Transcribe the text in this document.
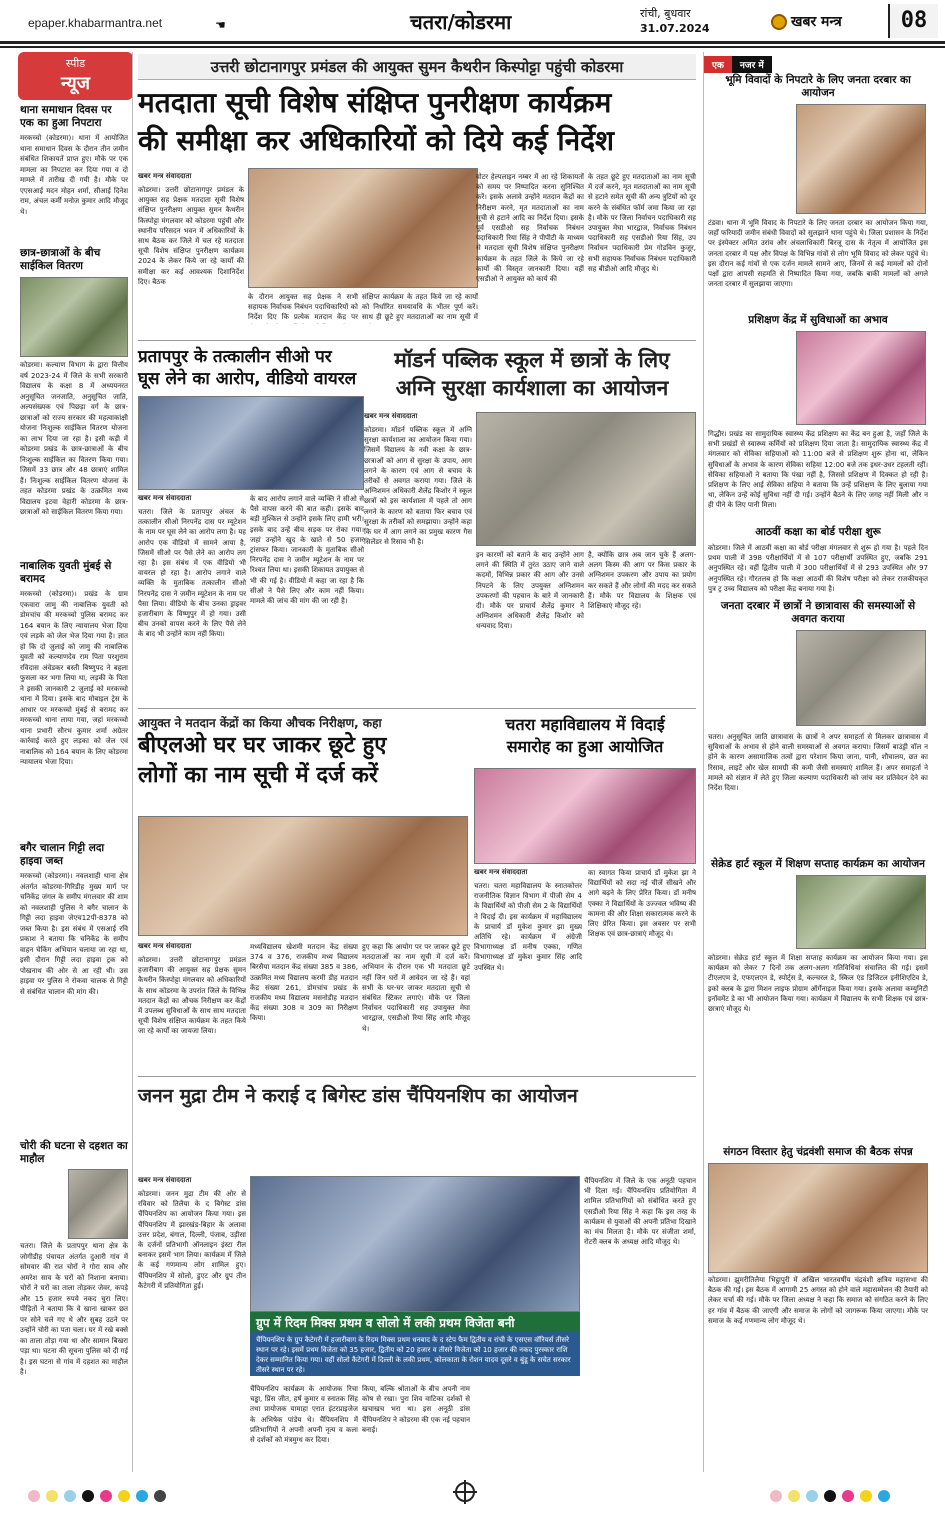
epaper.khabarmantra.net	☚	चतरा/कोडरमा	रांची, बुधवार
31.07.2024	खबर मन्त्र	08
स्पीड
न्यूज
थाना समाधान दिवस पर एक का हुआ निपटारा
मरकच्चो (कोडरमा)। थाना में आयोजित थाना समाधान दिवस के दौरान तीन जमीन संबंधित शिकायतें प्राप्त हुए। मौके पर एक मामला का निपटारा कर दिया गया व दो मामले में तारीख दी गयी है। मौके पर एएसआई मदन मोहन शर्मा, सीआई दिनेश राम, अंचल कर्मी मनोज कुमार आदि मौजूद थे।
छात्र-छात्राओं के बीच साईकिल वितरण
कोडरमा। कल्याण विभाग के द्वारा वित्तीय वर्ष 2023-24 में जिले के सभी सरकारी विद्यालय के कक्षा 8 में अध्ययनरत अनुसूचित जनजाति, अनुसूचित जाति, अल्पसंख्यक एवं पिछड़ा वर्ग के छात्र-छात्राओं को राज्य सरकार की महत्वाकांक्षी योजना निःशुल्क साईकिल वितरण योजना का लाभ दिया जा रहा है। इसी कड़ी में कोडरमा प्रखंड के छात्र-छात्राओं के बीच निःशुल्क साईकिल का वितरण किया गया। जिसमें 33 छात्र और 48 छात्राएं शामिल हैं। निःशुल्क साईकिल वितरण योजना के तहत कोडरमा प्रखंड के उत्क्रमित मध्य विद्यालय इटवा वेहारी कोडरमा के छात्र-छात्राओं को साईकिल वितरण किया गया।
नाबालिक युवती मुंबई से बरामद
मरकच्चो (कोडरमा)। प्रखंड के ग्राम एकवारा जामु की नाबालिक युवती को डोमचांच की मरकच्चो पुलिस बरामद कर 164 बयान के लिए न्यायालय भेजा दिया एवं लड़के को जेल भेज दिया गया है। ज्ञात हो कि दो जुलाई को जामु की नाबालिक युवती को कल्याणदेव राम पिता परशुराम रविदास अंवेडकर बस्ती बिष्णुपद ने बहला फुसला कर भगा लिया था, लड़की के पिता ने इसकी जानकारी 2 जुलाई को मरकच्चो थाना में दिया। इसके बाद मोबाइल ट्रेस के आधार पर मरकच्चो मुंबई से बरामद कर मरकच्चो थाना लाया गया, जहां मरकच्चो थाना प्रभारी सौरभ कुमार शर्मा अग्रेतर कार्रवाई करते हुए लड़का को जेल एवं नाबालिक को 164 बयान के लिए कोडरमा न्यायालय भेजा दिया।
बगैर चालान गिट्टी लदा हाइवा जब्त
मरकच्चो (कोडरमा)। नवलशाही थाना क्षेत्र अंतर्गत कोडरमा-गिरिडीह मुख्य मार्ग पर चनिकेंद्र जंगल के समीप मंगलवार की शाम को नवलशाही पुलिस ने बगैर चालान के गिट्टी लदा हाइवा जेएच12पी-8378 को जब्त किया है। इस संबंध में एसआई रवि प्रकाश ने बताया कि चनिकेंद्र के समीप वाहन चेकिंग अभियान चलाया जा रहा था, इसी दौरान गिट्टी लदा हाइवा ट्रक को पोखनाथ की ओर से आ रही थी। उस हाइवा पर पुलिस ने रोकवा चालक से गिट्टी से संबंधित चालान की मांग की।
चोरी की घटना से दहशत का माहौल
चतरा। जिले के प्रतापपुर थाना क्षेत्र के जोगीडीह पंचायत अंतर्गत दुआरी गांव में सोमवार की रात चोरों ने गोरा साव और अमरेश साव के घरों को निशाना बनाया। चोरों ने घरों का ताला तोड़कर जेवर, कपड़े और 15 हजार रुपये नकद चुरा लिए। पीड़ितों ने बताया कि वे खाना खाकर छत पर सोने चले गए थे और सुबह उठने पर उन्होंने चोरी का पता चला। घर में रखे बक्से का ताला तोड़ा गया था और सामान बिखरा पड़ा था। घटना की सूचना पुलिस को दी गई है। इस घटना से गांव में दहशत का माहौल है।
उत्तरी छोटानागपुर प्रमंडल की आयुक्त सुमन कैथरीन किस्पोट्टा पहुंची कोडरमा
मतदाता सूची विशेष संक्षिप्त पुनरीक्षण कार्यक्रम
की समीक्षा कर अधिकारियों को दिये कई निर्देश
खबर मन्त्र संवाददाता
कोडरमा। उत्तरी छोटानागपुर प्रमंडल के आयुक्त सह प्रेक्षक मतदाता सूची विशेष संक्षिप्त पुनरीक्षण आयुक्त सुमन कैथरीन किस्पोट्टा मंगलवार को कोडरमा पहुंची और स्थानीय परिसदन भवन में अधिकारियों के साथ बैठक कर जिले में चल रहे मतदाता सूची विशेष संक्षिप्त पुनरीक्षण कार्यक्रम 2024 के लेकर किये जा रहे कार्यों की समीक्षा कर कई आवश्यक दिशानिर्देश दिए। बैठक
के दौरान आयुक्त सह प्रेक्षक ने सभी सहायक निर्वाचक निबंधन पदाधिकारियों को निर्देश दिए कि प्रत्येक मतदान केंद्र पर
संक्षिप्त कार्यक्रम के तहत किये जा रहे कार्यों को निर्धारित समयावधि के भीतर पूर्ण करें। साथ ही छूटे हुए मतदाताओं का नाम सूची में
वोटर हेल्पलाइन नम्बर में आ रहे शिकायतों को समय पर निष्पादित करना सुनिश्चित करें। इसके अलावे उन्होंने मतदान केंद्रों का निरीक्षण करने, मृत मतदाताओं का नाम सूची से हटाने आदि का निर्देश दिया। इसके पूर्व एसडीओ सह निर्वाचक निबंधन पदाधिकारी रिया सिंह ने पीपीटी के माध्यम से मतदाता सूची विशेष संक्षिप्त पुनरीक्षण कार्यक्रम के तहत जिले के किये जा रहे कार्यों की विस्तृत जानकारी दिया। वहीं एसडीओ ने आयुक्त को कार्य की
के तहत छूटे हुए मतदाताओं का नाम सूची में दर्ज करने, मृत मतदाताओं का नाम सूची से हटाने समेत सूची की अन्य त्रुटियों को दूर करने के संबंधित फॉर्म जमा किया जा रहा है। मौके पर जिला निर्वाचन पदाधिकारी सह उपायुक्त मेघा भारद्वाज, निर्वाचक निबंधन पदाधिकारी सह एसडीओ रिया सिंह, उप निर्वाचन पदाधिकारी प्रेम गोडविन कुजूर, सभी सहायक निर्वाचक निबंधन पदाधिकारी सह बीडीओ आदि मौजूद थे।
प्रतापपुर के तत्कालीन सीओ पर
घूस लेने का आरोप, वीडियो वायरल
खबर मन्त्र संवाददाता
चतरा। जिले के प्रतापपुर अंचल के तत्कालीन सीओ निरपनेंद्र दास पर म्यूटेशन के नाम पर घूस लेने का आरोप लगा है। यह आरोप एक वीडियो में सामने आया है, जिसमें सीओ पर पैसे लेने का आरोप लग रहा है। इस संबंध में एक वीडियो भी वायरल हो रहा है। आरोप लगाने वाले व्यक्ति के मुताबिक तत्कालीन सीओ निरपनेंद्र दास ने जमीन म्यूटेशन के नाम पर पैसा लिया। वीडियो के बीच उनका ड्राइवर हजारीबाग के विष्णुपुर में हो गया। उसी बीच उनको वापस करने के लिए पैसे लेने के बाद भी उन्होंने काम नहीं किया।
के बाद आरोप लगाने वाले व्यक्ति ने सीओ से पैसे वापस करने की बात कही। इसके बाद बड़ी मुश्किल से उन्होंने इसके लिए हामी भरी। इसके बाद उन्हें बीच सड़क पर रोका गया। जहां उन्होंने खुद के खाते से 50 हजार ट्रांसफर किया। जानकारी के मुताबिक सीओ निरपनेंद्र दास ने जमीन म्यूटेशन के नाम पर रिश्वत लिया था। इसकी शिकायत उपायुक्त से भी की गई है। वीडियो में कहा जा रहा है कि सीओ ने पैसे लिए और काम नहीं किया। मामले की जांच की मांग की जा रही है।
मॉडर्न पब्लिक स्कूल में छात्रों के लिए
अग्नि सुरक्षा कार्यशाला का आयोजन
खबर मन्त्र संवाददाता
कोडरमा। मॉडर्न पब्लिक स्कूल में अग्नि सुरक्षा कार्यशाला का आयोजन किया गया। जिसमें विद्यालय के नवी कक्षा के छात्र-छात्राओं को आग से सुरक्षा के उपाय, आग लगने के कारण एवं आग से बचाव के तरीकों से अवगत कराया गया। जिले के अग्निशमन अधिकारी शैलेंद्र किशोर ने स्कूल छात्रों को इस कार्यशाला में पहले तो आग लगने के कारण को बताया फिर बचाव एवं सुरक्षा के तरीकों को समझाया। उन्होंने कहा कि घर में आग लगने का प्रमुख कारण गैस सिलेंडर से रिसाव भी है।
इन कारणों को बताने के बाद उन्होंने आग लगने की स्थिति में तुरंत उठाए जाने वाले कदमों, विभिन्न प्रकार की आग और उनसे निपटने के लिए उपयुक्त अग्निशमन उपकरणों की पहचान के बारे में जानकारी दी। मौके पर प्राचार्य शैलेंद्र कुमार ने अग्निशमन अधिकारी शैलेंद्र किशोर को धन्यवाद दिया।
है, क्योंकि छात्र अब जान चुके हैं अलग-अलग किस्म की आग पर किस प्रकार के अग्निशमन उपकरण और उपाय का प्रयोग कर सकते हैं और लोगों की मदद कर सकते हैं। मौके पर विद्यालय के शिक्षक एवं शिक्षिकाएं मौजूद रहे।
आयुक्त ने मतदान केंद्रों का किया औचक निरीक्षण, कहा
बीएलओ घर घर जाकर छूटे हुए
लोगों का नाम सूची में दर्ज करें
खबर मन्त्र संवाददाता
कोडरमा। उत्तरी छोटानागपुर प्रमंडल हजारीबाग की आयुक्त सह प्रेक्षक सुमन कैथरीन किस्पोट्टा मंगलवार को अधिकारियों के साथ कोडरमा के उपरांत जिले के विभिन्न मतदान केंद्रों का औचक निरीक्षण कर केंद्रों में उपलब्ध सुविधाओं के साथ साथ मतदाता सूची विशेष संक्षिप्त कार्यक्रम के तहत किये जा रहे कार्यों का जायजा लिया।
मध्यविद्यालय खेशमी मतदान केंद्र संख्या 374 व 376, राजकीय मध्य विद्यालय बिरसैया मतदान केंद्र संख्या 385 व 386, उत्क्रमित मध्य विद्यालय करमी डीह मतदान केंद्र संख्या 261, डोमचांच प्रखंड के राजकीय मध्य विद्यालय मसनोडीह मतदान केंद्र संख्या 308 व 309 का निरीक्षण किया।
हुए कहा कि आयोग पर पर जाकर छूटे हुए मतदाताओं का नाम सूची में दर्ज करें। अभियान के दौरान एक भी मतदाता छूटे नहीं जिन घरों में आवेदन जा रहे हैं। वहां सभी के घर-घर जाकर मतदाता सूची से संबंधित स्टिकर लगाएं। मौके पर जिला निर्वाचन पदाधिकारी सह उपायुक्त मेघा भारद्वाज, एसडीओ रिया सिंह आदि मौजूद थे।
चतरा महाविद्यालय में विदाई
समारोह का हुआ आयोजित
खबर मन्त्र संवाददाता
चतरा। चतरा महाविद्यालय के स्नातकोत्तर राजनीतिक विज्ञान विभाग में पीजी सेम 4 के विद्यार्थियों को पीजी सेम 2 के विद्यार्थियों ने विदाई दी। इस कार्यक्रम में महाविद्यालय के प्राचार्य डॉ मुकेश कुमार झा मुख्य अतिथि रहे। कार्यक्रम में अंग्रेजी विभागाध्यक्ष डॉ मनीष एक्का, गणित विभागाध्यक्ष डॉ मुकेश कुमार सिंह आदि उपस्थित थे।
का स्वागत किया प्राचार्य डॉ मुकेश झा ने विद्यार्थियों को सदा नई चीजें सीखने और आगे बढ़ने के लिए प्रेरित किया। डॉ मनीष एक्का ने विद्यार्थियों के उज्ज्वल भविष्य की कामना की और शिक्षा सकारात्मक करने के लिए प्रेरित किया। इस अवसर पर सभी शिक्षक एवं छात्र-छात्राएं मौजूद थे।
जनन मुद्रा टीम ने कराई द बिगेस्ट डांस चैंपियनशिप का आयोजन
खबर मन्त्र संवाददाता
कोडरमा। जनन मुद्रा टीम की ओर से रविवार को तिलैया के द बिगेस्ट डांस चैंपियनशिप का आयोजन किया गया। इस चैंपियनशिप में झारखंड-बिहार के अलावा उत्तर प्रदेश, बंगाल, दिल्ली, पंजाब, उड़ीसा के दर्जनों प्रतिभागी ऑनलाइन इंस्टा रील बनाकर इसमें भाग लिया। कार्यक्रम में जिले के कई गणमान्य लोग शामिल हुए। चैंपियनशिप में सोलो, डुएट और ग्रुप तीन कैटेगरी में प्रतियोगिता हुई।
ग्रुप में रिदम मिक्स प्रथम व सोलो में लकी प्रथम विजेता बनी
चैंपियनशिप के ग्रुप कैटेगरी में हजारीबाग के रिदम मिक्स प्रथम धनबाद के द स्टेप फैम द्वितीय व रांची के एसएस वॉरियर्स तीसरे स्थान पर रहे। इसमें प्रथम विजेता को 35 हजार, द्वितीय को 20 हजार व तीसरे विजेता को 10 हजार की नकद पुरस्कार राशि देकर सम्मानित किया गया। वहीं सोलो कैटेगरी में दिल्ली के लकी प्रथम, कोलकाता के रोशन यादव दूसरे व बुंडू के सचेत सरकार तीसरे स्थान पर रहे।
चैंपियनशिप में जिले के एक अनूठी पहचान भी दिला गई। चैंपियनशिप प्रतियोगिता में शामिल प्रतिभागियों को संबोधित करते हुए एसडीओ रिया सिंह ने कहा कि इस तरह के कार्यक्रम से युवाओं की अपनी प्रतिभा दिखाने का मंच मिलता है। मौके पर संजीता शर्मा, रोटरी क्लब के अध्यक्ष आदि मौजूद थे।
चैंपियनशिप कार्यक्रम के आयोजक रिचा चड्ढा, प्रिंस जीत, हर्ष कुमार व स्नातक सिंह तथा प्रायोजक यामाहा एरात इंटरप्राइजेज के अभिषेक पांडेय थे। चैंपियनशिप में प्रतिभागियों ने अपनी अपनी नृत्य व कला से दर्शकों को मंत्रमुग्ध कर दिया।
किया, बल्कि श्रोताओं के बीच अपनी नाम कोष से रखा। पुरा शिव वाटिका दर्शकों से खचाखच भरा था। इस अनूठी डांस चैंपियनशिप ने कोडरमा की एक नई पहचान बनाई।
एक	नजर में
भूमि विवादों के निपटारे के लिए जनता दरबार का आयोजन
टंडवा। थाना में भूमि विवाद के निपटारे के लिए जनता दरबार का आयोजन किया गया, जहाँ फरियादी जमीन संबंधी विवादों को सुलझाने थाना पहुंचे थे। जिला प्रशासन के निर्देश पर इंस्पेक्टर अमित उरांव और अंचलाधिकारी बिरजू दास के नेतृत्व में आयोजित इस जनता दरबार में पक्ष और विपक्ष के विभिन्न गांवों से लोग भूमि विवाद को लेकर पहुंचे थे। इस दौरान कई गांवों से एक दर्जन मामले सामने आए, जिनमें से कई मामलों को दोनों पक्षों द्वारा आपसी सहमति से निष्पादित किया गया, जबकि बाकी मामलों को अगले जनता दरबार में सुलझाया जाएगा।
प्रशिक्षण केंद्र में सुविधाओं का अभाव
गिद्धौर। प्रखंड का सामुदायिक स्वास्थ्य केंद्र प्रशिक्षण का केंद्र बन हुआ है, जहाँ जिले के सभी प्रखंडों से स्वास्थ्य कर्मियों को प्रशिक्षण दिया जाता है। सामुदायिक स्वास्थ्य केंद्र में मंगलवार को सेविका सहियाओं को 11:00 बजे से प्रशिक्षण शुरू होना था, लेकिन सुविधाओं के अभाव के कारण सेविका सहिया 12:00 बजे तक इधर-उधर टहलती रहीं। सेविका सहियाओं ने बताया कि पंखा नहीं है, जिससे प्रशिक्षण में दिक्कत हो रही है। प्रशिक्षण के लिए आई सेविका सहिया ने बताया कि उन्हें प्रशिक्षण के लिए बुलाया गया था, लेकिन उन्हें कोई सुविधा नहीं दी गई। उन्होंने बैठने के लिए जगह नहीं मिली और न ही पीने के लिए पानी मिला।
आठवीं कक्षा का बोर्ड परीक्षा शुरू
कोडरमा। जिले में आठवीं कक्षा का बोर्ड परीक्षा मंगलवार से शुरू हो गया है। पहले दिन प्रथम पाली में 398 परीक्षार्थियों में से 107 परीक्षार्थी उपस्थित हुए, जबकि 291 अनुपस्थित रहे। वहीं द्वितीय पाली में 300 परीक्षार्थियों में से 293 उपस्थित और 97 अनुपस्थित रहे। गौरतलब हो कि कक्षा आठवीं की विशेष परीक्षा को लेकर राजकीयकृत पुत्र ट्र उच्च विद्यालय को परीक्षा केंद्र बनाया गया है।
जनता दरबार में छात्रों ने छात्रावास की समस्याओं से अवगत कराया
चतरा। अनुसूचित जाति छात्रावास के छात्रों ने अपर समाहर्ता से मिलकर छात्रावास में सुविधाओं के अभाव से होने वाली समस्याओं से अवगत कराया। जिसमें बाउंड्री वॉल न होने के कारण असामाजिक तत्वों द्वारा परेशान किया जाना, पानी, शौचालय, छत का रिसाव, लाइटें और खेल सामग्री की कमी जैसी समस्याएं शामिल हैं। अपर समाहर्ता ने मामले को संज्ञान में लेते हुए जिला कल्याण पदाधिकारी को जांच कर प्रतिवेदन देने का निर्देश दिया।
सेक्रेड हार्ट स्कूल में शिक्षण सप्ताह कार्यक्रम का आयोजन
कोडरमा। सेक्रेड हार्ट स्कूल में शिक्षा सप्ताह कार्यक्रम का आयोजन किया गया। इस कार्यक्रम को लेकर 7 दिनों तक अलग-अलग गतिविधियां संचालित की गई। इसमें टीएलएम डे, एफएलएन डे, स्पोर्ट्स डे, कल्चरल डे, स्किल एंड डिजिटल इनीशिएटिव डे, इको क्लब के द्वारा मिशन लाइफ प्रोग्राम ऑर्गेनाइज किया गया। इसके अलावा कम्युनिटी इनॉवमेंट डे का भी आयोजन किया गया। कार्यक्रम में विद्यालय के सभी शिक्षक एवं छात्र-छात्राएं मौजूद थे।
संगठन विस्तार हेतु चंद्रवंशी समाज की बैठक संपन्न
कोडरमा। झुमरीतिलैया भिट्ठापुरी में अखिल भारतवर्षीय चंद्रवंशी क्षत्रिय महासभा की बैठक की गई। इस बैठक में आगामी 25 अगस्त को होने वाले महासम्मेलन की तैयारी को लेकर चर्चा की गई। मौके पर जिला अध्यक्ष ने कहा कि समाज को संगठित करने के लिए हर गांव में बैठक की जाएगी और समाज के लोगों को जागरूक किया जाएगा। मौके पर समाज के कई गणमान्य लोग मौजूद थे।
